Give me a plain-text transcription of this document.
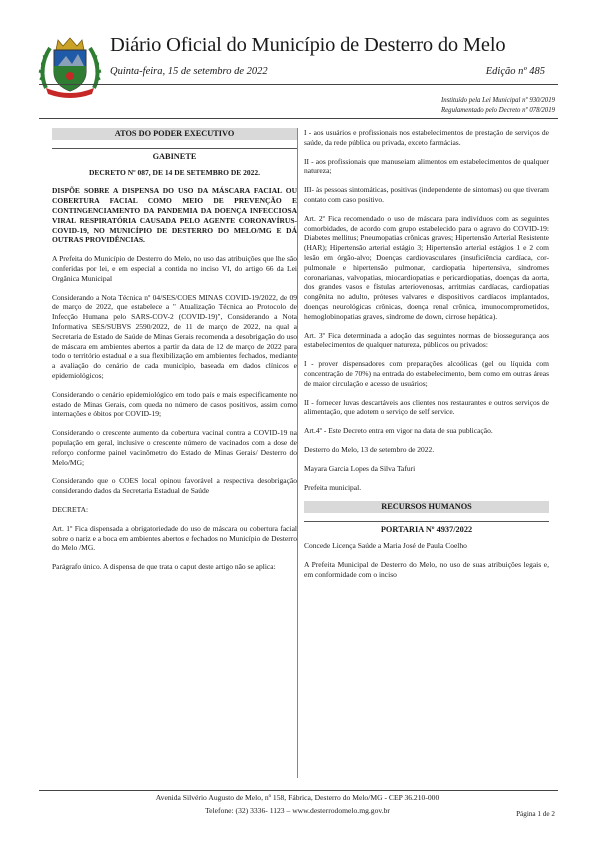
Diário Oficial do Município de Desterro do Melo
Quinta-feira, 15 de setembro de 2022	Edição nº 485
Instituído pela Lei Municipal nº 930/2019
Regulamentado pelo Decreto nº 078/2019
ATOS DO PODER EXECUTIVO
GABINETE

DECRETO Nº 087, DE 14 DE SETEMBRO DE 2022.

DISPÕE SOBRE A DISPENSA DO USO DA MÁSCARA FACIAL OU COBERTURA FACIAL COMO MEIO DE PREVENÇÃO E CONTINGENCIAMENTO DA PANDEMIA DA DOENÇA INFECCIOSA VIRAL RESPIRATÓRIA CAUSADA PELO AGENTE CORONAVÍRUS-COVID-19, NO MUNICÍPIO DE DESTERRO DO MELO/MG E DÁ OUTRAS PROVIDÊNCIAS.

A Prefeita do Município de Desterro do Melo, no uso das atribuições que lhe são conferidas por lei, e em especial a contida no inciso VI, do artigo 66 da Lei Orgânica Municipal

Considerando a Nota Técnica nº 04/SES/COES MINAS COVID-19/2022, de 09 de março de 2022, que estabelece a " Atualização Técnica ao Protocolo de Infecção Humana pelo SARS-COV-2 (COVID-19)", Considerando a Nota Informativa SES/SUBVS 2590/2022, de 11 de março de 2022, na qual a Secretaria de Estado de Saúde de Minas Gerais recomenda a desobrigação do uso de máscara em ambientes abertos a partir da data de 12 de março de 2022 para todo o território estadual e a sua flexibilização em ambientes fechados, mediante a avaliação do cenário de cada município, baseada em dados clínicos e epidemiológicos;

Considerando o cenário epidemiológico em todo país e mais especificamente no estado de Minas Gerais, com queda no número de casos positivos, assim como internações e óbitos por COVID-19;

Considerando o crescente aumento da cobertura vacinal contra a COVID-19 na população em geral, inclusive o crescente número de vacinados com a dose de reforço conforme painel vacinômetro do Estado de Minas Gerais/ Desterro do Melo/MG;

Considerando que o COES local opinou favorável a respectiva desobrigação considerando dados da Secretaria Estadual de Saúde

DECRETA:

Art. 1º Fica dispensada a obrigatoriedade do uso de máscara ou cobertura facial sobre o nariz e a boca em ambientes abertos e fechados no Município de Desterro do Melo /MG.

Parágrafo único. A dispensa de que trata o caput deste artigo não se aplica:

I - aos usuários e profissionais nos estabelecimentos de prestação de serviços de saúde, da rede pública ou privada, exceto farmácias.

II - aos profissionais que manuseiam alimentos em estabelecimentos de qualquer natureza;

III- às pessoas sintomáticas, positivas (independente de sintomas) ou que tiveram contato com caso positivo.

Art. 2º Fica recomendado o uso de máscara para indivíduos com as seguintes comorbidades, de acordo com grupo estabelecido para o agravo do COVID-19: Diabetes mellitus; Pneumopatias crônicas graves; Hipertensão Arterial Resistente (HAR); Hipertensão arterial estágio 3; Hipertensão arterial estágios 1 e 2 com lesão em órgão-alvo; Doenças cardiovasculares (insuficiência cardíaca, cor-pulmonale e hipertensão pulmonar, cardiopatia hipertensiva, síndromes coronarianas, valvopatias, miocardiopatias e pericardiopatias, doenças da aorta, dos grandes vasos e fístulas arteriovenosas, arritmias cardíacas, cardiopatias congênita no adulto, próteses valvares e dispositivos cardíacos implantados, doenças neurológicas crônicas, doença renal crônica, imunocomprometidos, hemoglobinopatias graves, síndrome de down, cirrose hepática).

Art. 3º Fica determinada a adoção das seguintes normas de biossegurança aos estabelecimentos de qualquer natureza, públicos ou privados:

I - prover dispensadores com preparações alcoólicas (gel ou líquida com concentração de 70%) na entrada do estabelecimento, bem como em outras áreas de maior circulação e acesso de usuários;

II - fornecer luvas descartáveis aos clientes nos restaurantes e outros serviços de alimentação, que adotem o serviço de self service.

Art.4º - Este Decreto entra em vigor na data de sua publicação.

Desterro do Melo, 13 de setembro de 2022.

Mayara Garcia Lopes da Silva Tafuri

Prefeita municipal.

RECURSOS HUMANOS
PORTARIA Nº 4937/2022

Concede Licença Saúde a Maria José de Paula Coelho

A Prefeita Municipal de Desterro do Melo, no uso de suas atribuições legais e, em conformidade com o inciso

Avenida Silvério Augusto de Melo, nº 158, Fábrica, Desterro do Melo/MG - CEP 36.210-000
Telefone: (32) 3336- 1123 – www.desterrodomelo.mg.gov.br	Página 1 de 2
